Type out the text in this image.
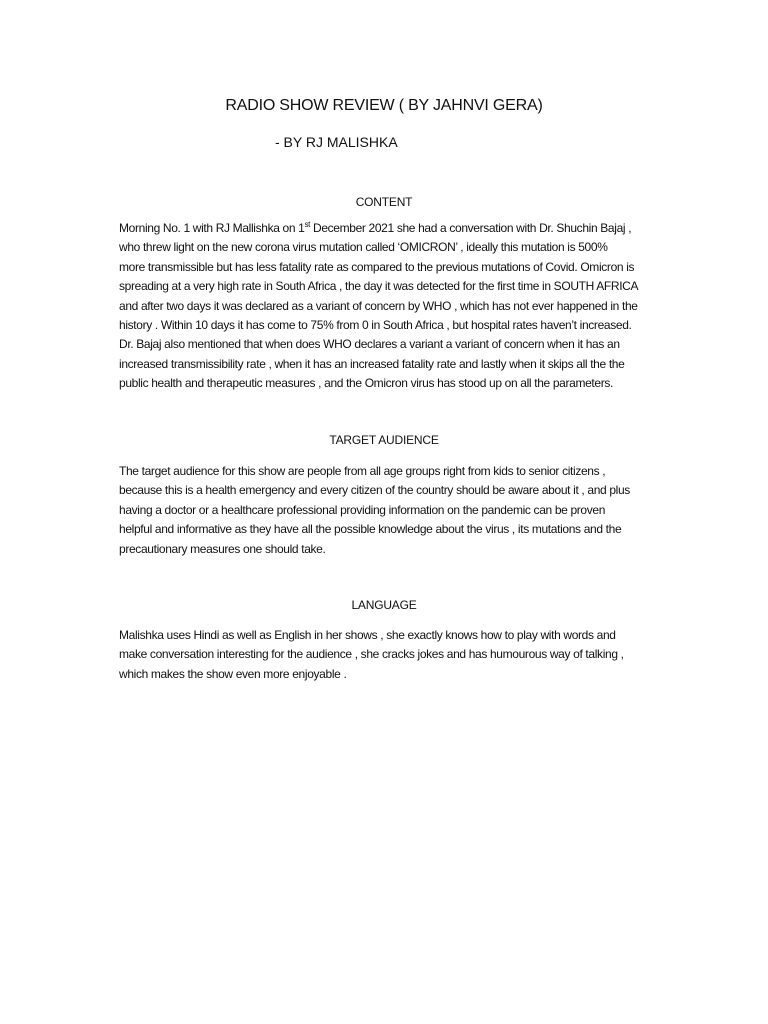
RADIO SHOW REVIEW ( BY JAHNVI GERA)
- BY RJ MALISHKA
CONTENT
Morning No. 1 with RJ Mallishka on 1st December 2021 she had a conversation with Dr. Shuchin Bajaj ,
who threw light on the new corona virus mutation called ‘OMICRON’ , ideally this mutation is 500%
more transmissible but has less fatality rate as compared to the previous mutations of Covid. Omicron is
spreading at a very high rate in South Africa , the day it was detected for the first time in SOUTH AFRICA
and after two days it was declared as a variant of concern by WHO , which has not ever happened in the
history . Within 10 days it has come to 75% from 0 in South Africa , but hospital rates haven’t increased.
Dr. Bajaj also mentioned that when does WHO declares a variant a variant of concern when it has an
increased transmissibility rate , when it has an increased fatality rate and lastly when it skips all the the
public health and therapeutic measures , and the Omicron virus has stood up on all the parameters.
TARGET AUDIENCE
The target audience for this show are people from all age groups right from kids to senior citizens ,
because this is a health emergency and every citizen of the country should be aware about it , and plus
having a doctor or a healthcare professional providing information on the pandemic can be proven
helpful and informative as they have all the possible knowledge about the virus , its mutations and the
precautionary measures one should take.
LANGUAGE
Malishka uses Hindi as well as English in her shows , she exactly knows how to play with words and
make conversation interesting for the audience , she cracks jokes and has humourous way of talking ,
which makes the show even more enjoyable .
